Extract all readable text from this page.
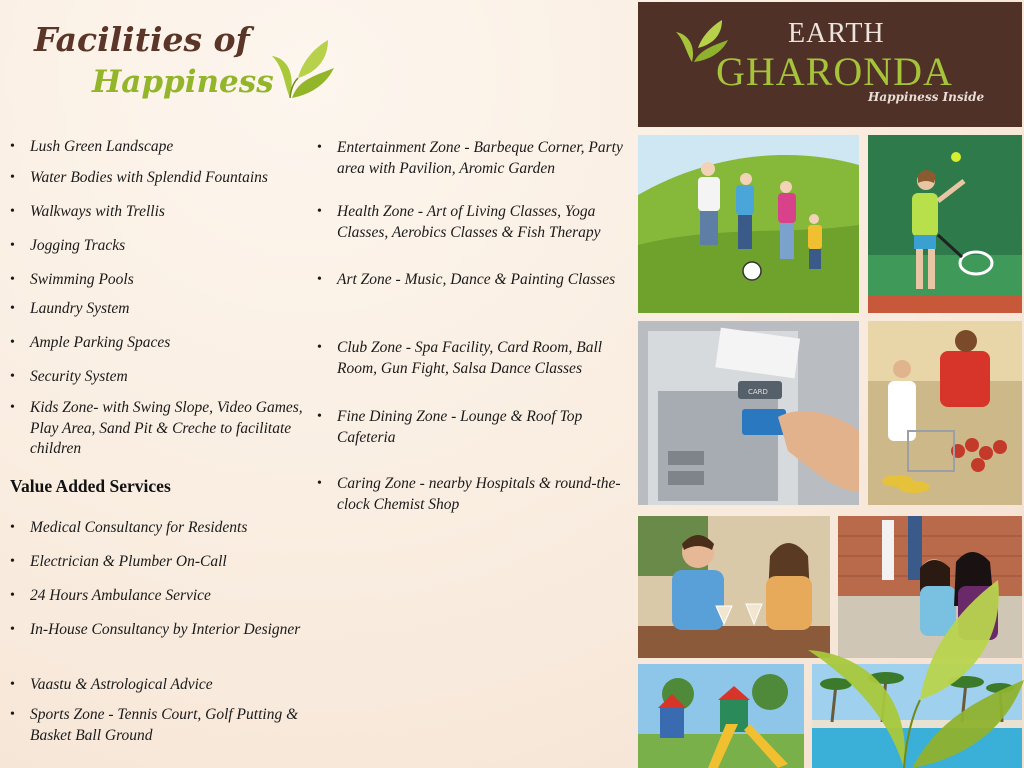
Facilities of
Happiness
• Lush Green Landscape
• Water Bodies with Splendid Fountains
• Walkways with Trellis
• Jogging Tracks
• Swimming Pools
• Laundry System
• Ample Parking Spaces
• Security System
• Kids Zone- with Swing Slope, Video Games, Play Area, Sand Pit & Creche to facilitate children
Value Added Services
• Medical Consultancy for Residents
• Electrician & Plumber On-Call
• 24 Hours Ambulance Service
• In-House Consultancy by Interior Designer
• Vaastu & Astrological Advice
• Sports Zone - Tennis Court, Golf Putting & Basket Ball Ground
• Entertainment Zone - Barbeque Corner, Party area with Pavilion, Aromic Garden
• Health Zone - Art of Living Classes, Yoga Classes, Aerobics Classes & Fish Therapy
• Art Zone - Music, Dance & Painting Classes
• Club Zone - Spa Facility, Card Room, Ball Room, Gun Fight, Salsa Dance Classes
• Fine Dining Zone - Lounge & Roof Top Cafeteria
• Caring Zone - nearby Hospitals & round-the-clock Chemist Shop
EARTH
GHARONDA
Happiness Inside
CARD
